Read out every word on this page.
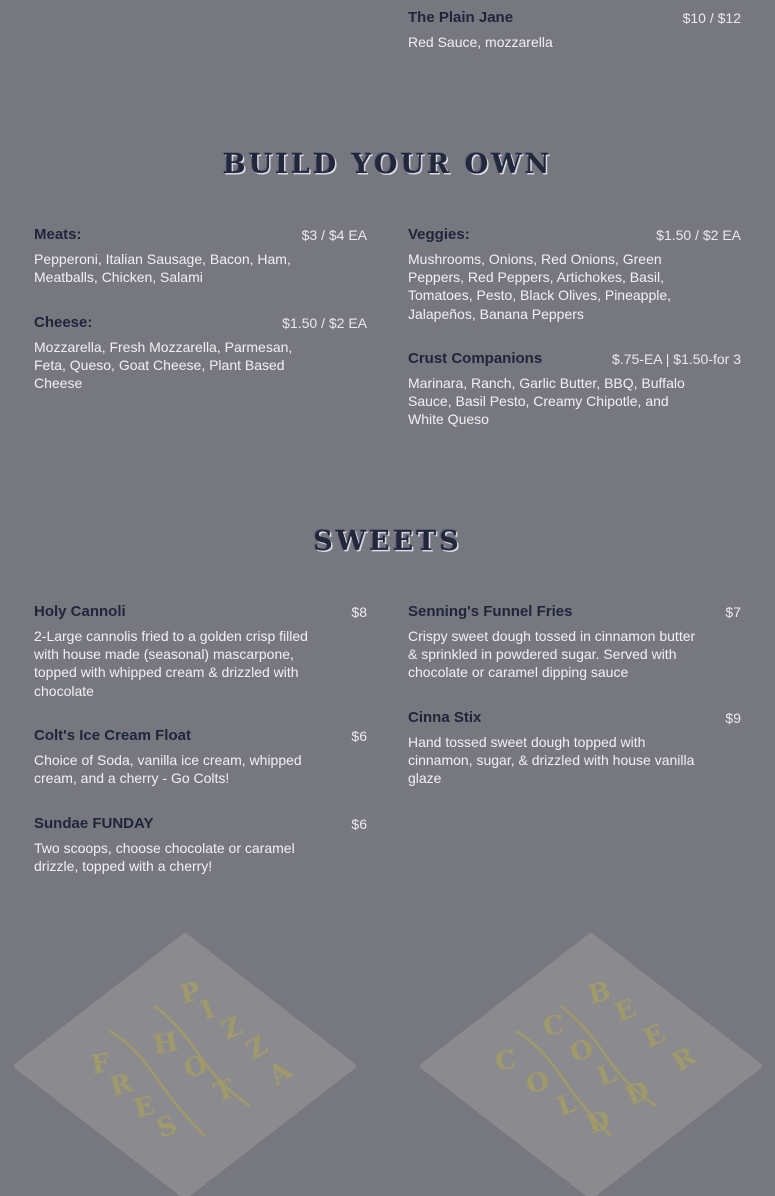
The Plain Jane	$10 / $12
Red Sauce, mozzarella
BUILD YOUR OWN
Meats:	$3 / $4 EA
Pepperoni, Italian Sausage, Bacon, Ham, Meatballs, Chicken, Salami
Cheese:	$1.50 / $2 EA
Mozzarella, Fresh Mozzarella, Parmesan, Feta, Queso, Goat Cheese, Plant Based Cheese
Veggies:	$1.50 / $2 EA
Mushrooms, Onions, Red Onions, Green Peppers, Red Peppers, Artichokes, Basil, Tomatoes, Pesto, Black Olives, Pineapple, Jalapeños, Banana Peppers
Crust Companions	$.75-EA | $1.50-for 3
Marinara, Ranch, Garlic Butter, BBQ, Buffalo Sauce, Basil Pesto, Creamy Chipotle, and White Queso
SWEETS
Holy Cannoli	$8
2-Large cannolis fried to a golden crisp filled with house made (seasonal) mascarpone, topped with whipped cream & drizzled with chocolate
Colt's Ice Cream Float	$6
Choice of Soda, vanilla ice cream, whipped cream, and a cherry - Go Colts!
Sundae FUNDAY	$6
Two scoops, choose chocolate or caramel drizzle, topped with a cherry!
Senning's Funnel Fries	$7
Crispy sweet dough tossed in cinnamon butter & sprinkled in powdered sugar. Served with chocolate or caramel dipping sauce
Cinna Stix	$9
Hand tossed sweet dough topped with cinnamon, sugar, & drizzled with house vanilla glaze
P
I
Z
Z
A
H
O
T
F
R
E
S
B
E
E
R
C
O
L
D
C
O
L D
